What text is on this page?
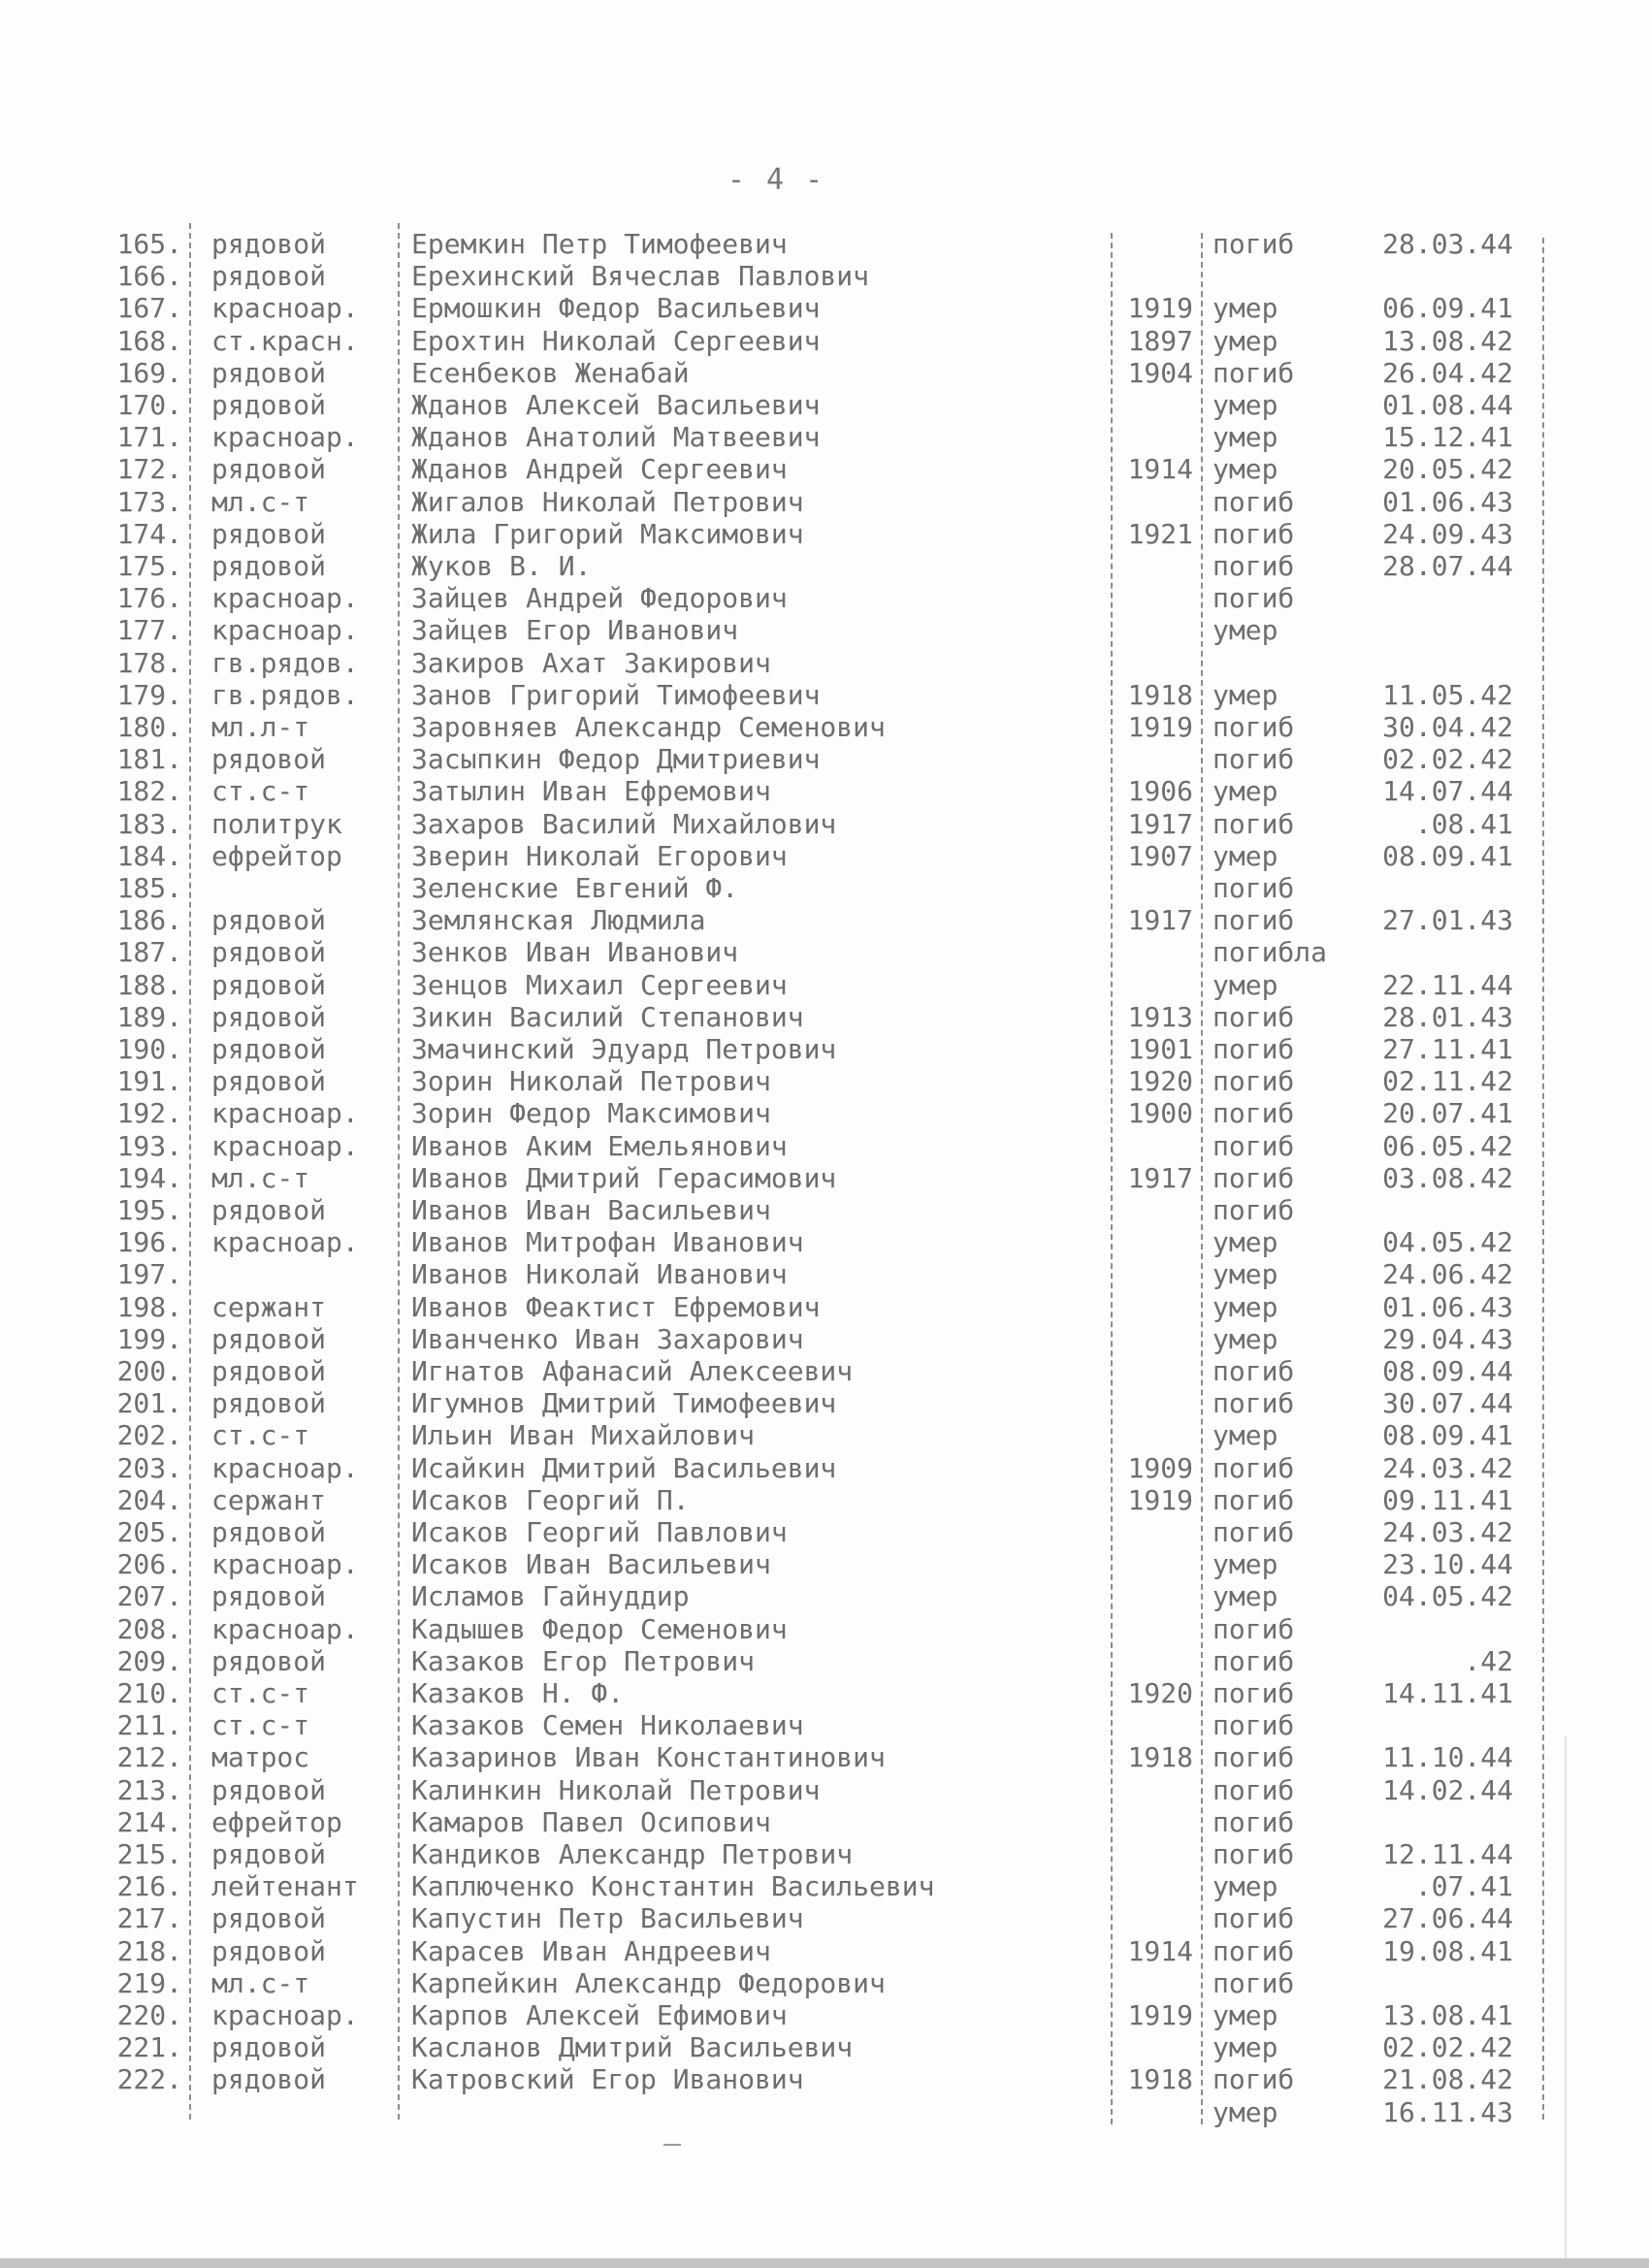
- 4 -
165. рядовой	Еремкин Петр Тимофеевич	погиб	28.03.44
166. рядовой	Ерехинский Вячеслав Павлович
167. красноар. Ермошкин Федор Васильевич	1919 умер	06.09.41
168. ст.красн. Ерохтин Николай Сергеевич	1897 умер	13.08.42
169. рядовой	Есенбеков Женабай	1904 погиб	26.04.42
170. рядовой	Жданов Алексей Васильевич	умер	01.08.44
171. красноар. Жданов Анатолий Матвеевич	умер	15.12.41
172. рядовой	Жданов Андрей Сергеевич	1914 умер	20.05.42
173. мл.с-т	Жигалов Николай Петрович	погиб	01.06.43
174. рядовой	Жила Григорий Максимович	1921 погиб	24.09.43
175. рядовой	Жуков В. И.	погиб	28.07.44
176. красноар. Зайцев Андрей Федорович	погиб
177. красноар. Зайцев Егор Иванович	умер
178. гв.рядов. Закиров Ахат Закирович
179. гв.рядов. Занов Григорий Тимофеевич	1918 умер	11.05.42
180. мл.л-т	Заровняев Александр Семенович	1919 погиб	30.04.42
181. рядовой	Засыпкин Федор Дмитриевич	погиб	02.02.42
182. ст.с-т	Затылин Иван Ефремович	1906 умер	14.07.44
183. политрук	Захаров Василий Михайлович	1917 погиб	.08.41
184. ефрейтор	Зверин Николай Егорович	1907 умер	08.09.41
185.	Зеленские Евгений Ф.	погиб
186. рядовой	Землянская Людмила	1917 погиб	27.01.43
187. рядовой	Зенков Иван Иванович	погибла
188. рядовой	Зенцов Михаил Сергеевич	умер	22.11.44
189. рядовой	Зикин Василий Степанович	1913 погиб	28.01.43
190. рядовой	Змачинский Эдуард Петрович	1901 погиб	27.11.41
191. рядовой	Зорин Николай Петрович	1920 погиб	02.11.42
192. красноар. Зорин Федор Максимович	1900 погиб	20.07.41
193. красноар. Иванов Аким Емельянович	погиб	06.05.42
194. мл.с-т	Иванов Дмитрий Герасимович	1917 погиб	03.08.42
195. рядовой	Иванов Иван Васильевич	погиб
196. красноар. Иванов Митрофан Иванович	умер	04.05.42
197.	Иванов Николай Иванович	умер	24.06.42
198. сержант	Иванов Феактист Ефремович	умер	01.06.43
199. рядовой	Иванченко Иван Захарович	умер	29.04.43
200. рядовой	Игнатов Афанасий Алексеевич	погиб	08.09.44
201. рядовой	Игумнов Дмитрий Тимофеевич	погиб	30.07.44
202. ст.с-т	Ильин Иван Михайлович	умер	08.09.41
203. красноар. Исайкин Дмитрий Васильевич	1909 погиб	24.03.42
204. сержант	Исаков Георгий П.	1919 погиб	09.11.41
205. рядовой	Исаков Георгий Павлович	погиб	24.03.42
206. красноар. Исаков Иван Васильевич	умер	23.10.44
207. рядовой	Исламов Гайнуддир	умер	04.05.42
208. красноар. Кадышев Федор Семенович	погиб
209. рядовой	Казаков Егор Петрович	погиб	.42
210. ст.с-т	Казаков Н. Ф.	1920 погиб	14.11.41
211. ст.с-т	Казаков Семен Николаевич	погиб
212. матрос	Казаринов Иван Константинович	1918 погиб	11.10.44
213. рядовой	Калинкин Николай Петрович	погиб	14.02.44
214. ефрейтор	Камаров Павел Осипович	погиб
215. рядовой	Кандиков Александр Петрович	погиб	12.11.44
216. лейтенант Каплюченко Константин Васильевич	умер	.07.41
217. рядовой	Капустин Петр Васильевич	погиб	27.06.44
218. рядовой	Карасев Иван Андреевич	1914 погиб	19.08.41
219. мл.с-т	Карпейкин Александр Федорович	погиб
220. красноар. Карпов Алексей Ефимович	1919 умер	13.08.41
221. рядовой	Касланов Дмитрий Васильевич	умер	02.02.42
222. рядовой	Катровский Егор Иванович	1918 погиб	21.08.42
умер	16.11.43
